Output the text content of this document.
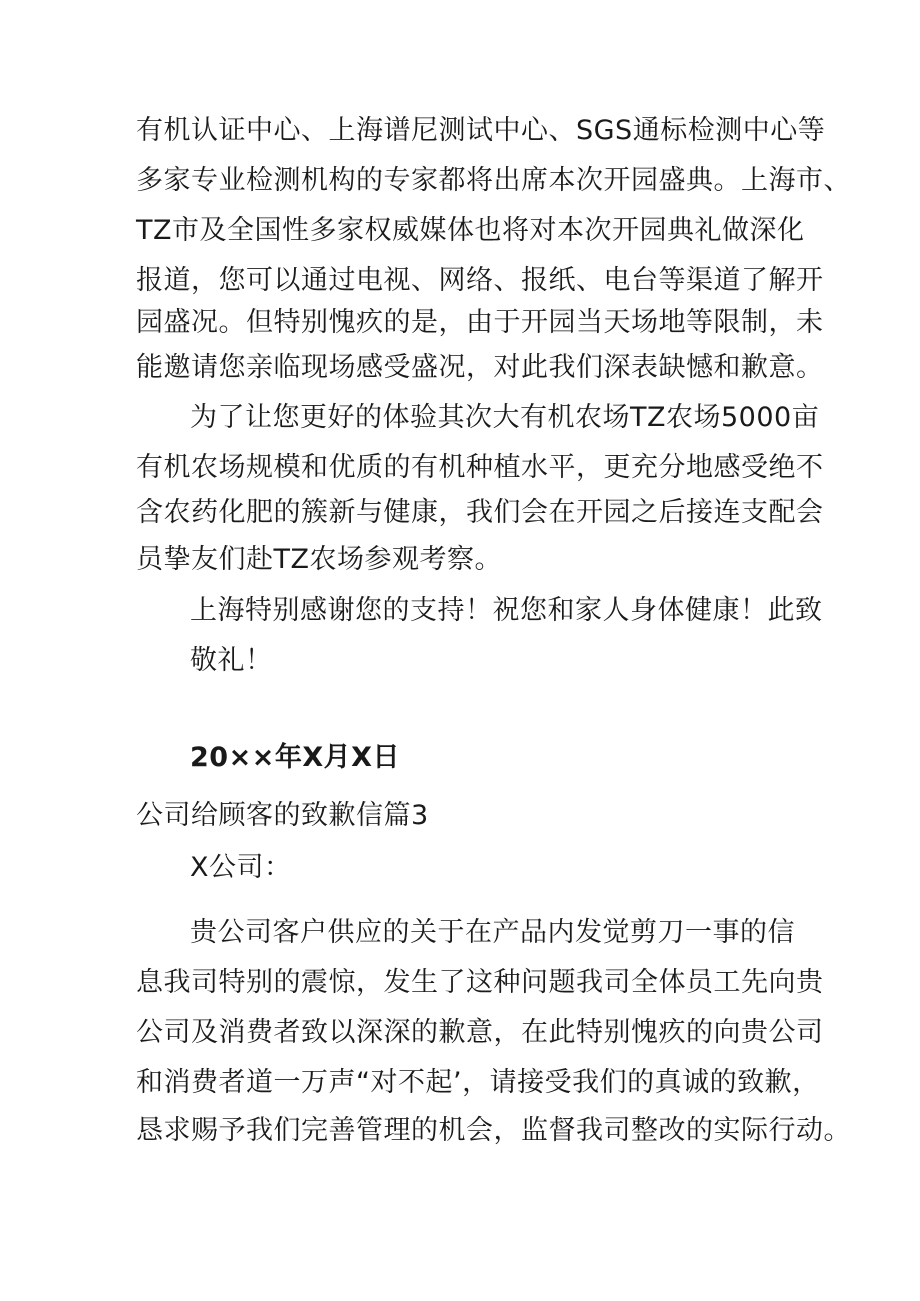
有机认证中心、上海谱尼测试中心、SGS通标检测中心等
多家专业检测机构的专家都将出席本次开园盛典。上海市、
TZ市及全国性多家权威媒体也将对本次开园典礼做深化
报道，您可以通过电视、网络、报纸、电台等渠道了解开
园盛况。但特别愧疚的是，由于开园当天场地等限制，未
能邀请您亲临现场感受盛况，对此我们深表缺憾和歉意。
为了让您更好的体验其次大有机农场TZ农场5000亩
有机农场规模和优质的有机种植水平，更充分地感受绝不
含农药化肥的簇新与健康，我们会在开园之后接连支配会
员挚友们赴TZ农场参观考察。
上海特别感谢您的支持！祝您和家人身体健康！此致
敬礼！
20××年X月X日
公司给顾客的致歉信篇3
X公司：
贵公司客户供应的关于在产品内发觉剪刀一事的信
息我司特别的震惊，发生了这种问题我司全体员工先向贵
公司及消费者致以深深的歉意，在此特别愧疚的向贵公司
和消费者道一万声“对不起’，请接受我们的真诚的致歉，
恳求赐予我们完善管理的机会，监督我司整改的实际行动。
